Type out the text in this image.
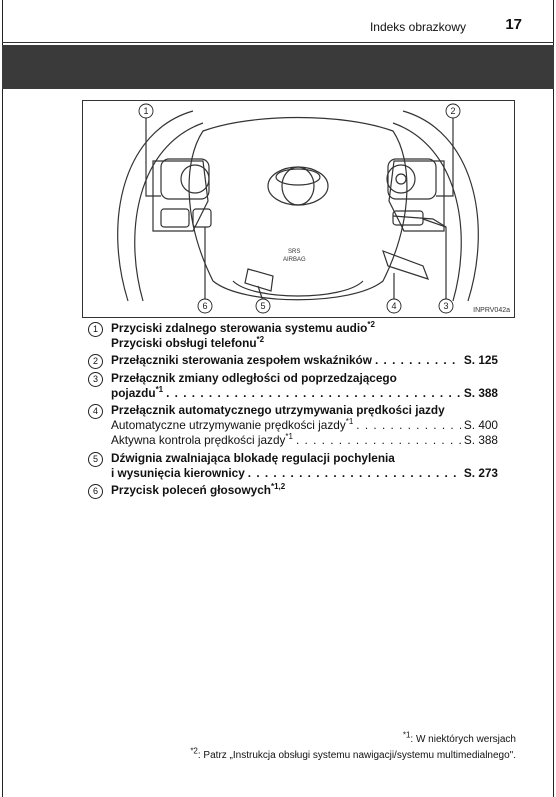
Indeks obrazkowy	17
SRS
AIRBAG
1	2
3
4
5
6	INPRV042a
1	Przyciski zdalnego sterowania systemu audio$^{*2}$
Przyciski obsługi telefonu$^{*2}$
2	Przełączniki sterowania zespołem wskaźników . . .	S. 125
3	Przełącznik zmiany odległości od poprzedzającego
pojazdu$^{*1}$ . . .	S. 388
4	Przełącznik automatycznego utrzymywania prędkości jazdy
Automatyczne utrzymywanie prędkości jazdy$^{*1}$ . . .	S. 400
Aktywna kontrola prędkości jazdy$^{*1}$ . . .	S. 388
5	Dźwignia zwalniająca blokadę regulacji pochylenia
i wysunięcia kierownicy . . .	S. 273
6	Przycisk poleceń głosowych$^{*1,2}$
$^{*1}$: W niektórych wersjach
$^{*2}$: Patrz „Instrukcja obsługi systemu nawigacji/systemu multimedialnego".
